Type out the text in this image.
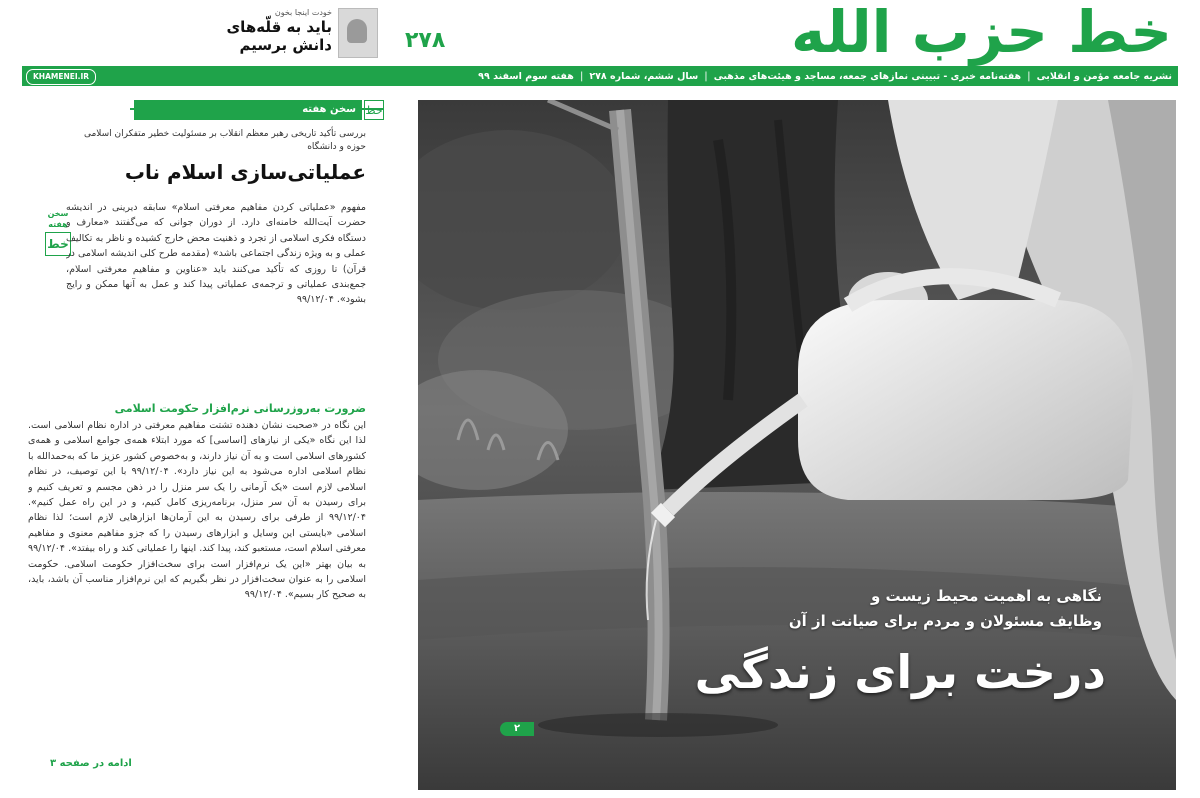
خط حزب الله
۲۷۸
خودت اینجا بخون
باید به قلّه‌های دانش برسیم
نشریه جامعه مؤمن و انقلابی
|
هفته‌نامه خبری - تبیینی نمازهای جمعه، مساجد و هیئت‌های مذهبی
|
سال ششم، شماره ۲۷۸
|
هفته سوم اسفند ۹۹
KHAMENEI.IR
خط
سخن هفته
بررسی تأکید تاریخی رهبر معظم انقلاب بر مسئولیت خطیر متفکران اسلامی حوزه و دانشگاه
عملیاتی‌سازی اسلام ناب
سخن
هفته
خط
مفهوم «عملیاتی کردن مفاهیم معرفتی اسلام» سابقه دیرینی در اندیشه حضرت آیت‌الله خامنه‌ای دارد. از دوران جوانی که می‌گفتند «معارف و دستگاه فکری اسلامی از تجرد و ذهنیت محض خارج کشیده و ناظر به تکالیف عملی و به ویژه زندگی اجتماعی باشد» (مقدمه طرح کلی اندیشه اسلامی در قرآن) تا روزی که تأکید می‌کنند باید «عناوین و مفاهیم معرفتی اسلام، جمع‌بندی عملیاتی و ترجمه‌ی عملیاتی پیدا کند و عمل به آنها ممکن و رایج بشود». ۹۹/۱۲/۰۴
ضرورت به‌روزرسانی نرم‌افزار حکومت اسلامی
این نگاه در «صحبت نشان دهنده تشتت مفاهیم معرفتی در اداره نظام اسلامی است. لذا این نگاه «یکی از نیازهای [اساسی] که مورد ابتلاء همه‌ی جوامع اسلامی و همه‌ی کشورهای اسلامی است و به آن نیاز دارند، و به‌خصوص کشور عزیز ما که به‌حمدالله با نظام اسلامی اداره می‌شود به این نیاز دارد». ۹۹/۱۲/۰۴ با این توصیف، در نظام اسلامی لازم است «یک آرمانی را یک سر منزل را در ذهن مجسم و تعریف کنیم و برای رسیدن به آن سر منزل، برنامه‌ریزی کامل کنیم، و در این راه عمل کنیم». ۹۹/۱۲/۰۴ از طرفی برای رسیدن به این آرمان‌ها ابزارهایی لازم است؛ لذا نظام اسلامی «بایستی این وسایل و ابزارهای رسیدن را که جزو مفاهیم معنوی و مفاهیم معرفتی اسلام است، مستعبو کند، پیدا کند. اینها را عملیاتی کند و راه بیفتد». ۹۹/۱۲/۰۴ به بیان بهتر «این یک نرم‌افزار است برای سخت‌افزار حکومت اسلامی. حکومت اسلامی را به عنوان سخت‌افزار در نظر بگیریم که این نرم‌افزار مناسب آن باشد، باید، به صحیح کار بسیم». ۹۹/۱۲/۰۴
ادامه در صفحه ۳
نگاهی به اهمیت محیط زیست و
وظایف مسئولان و مردم برای صیانت از آن
درخت برای زندگی
۲
